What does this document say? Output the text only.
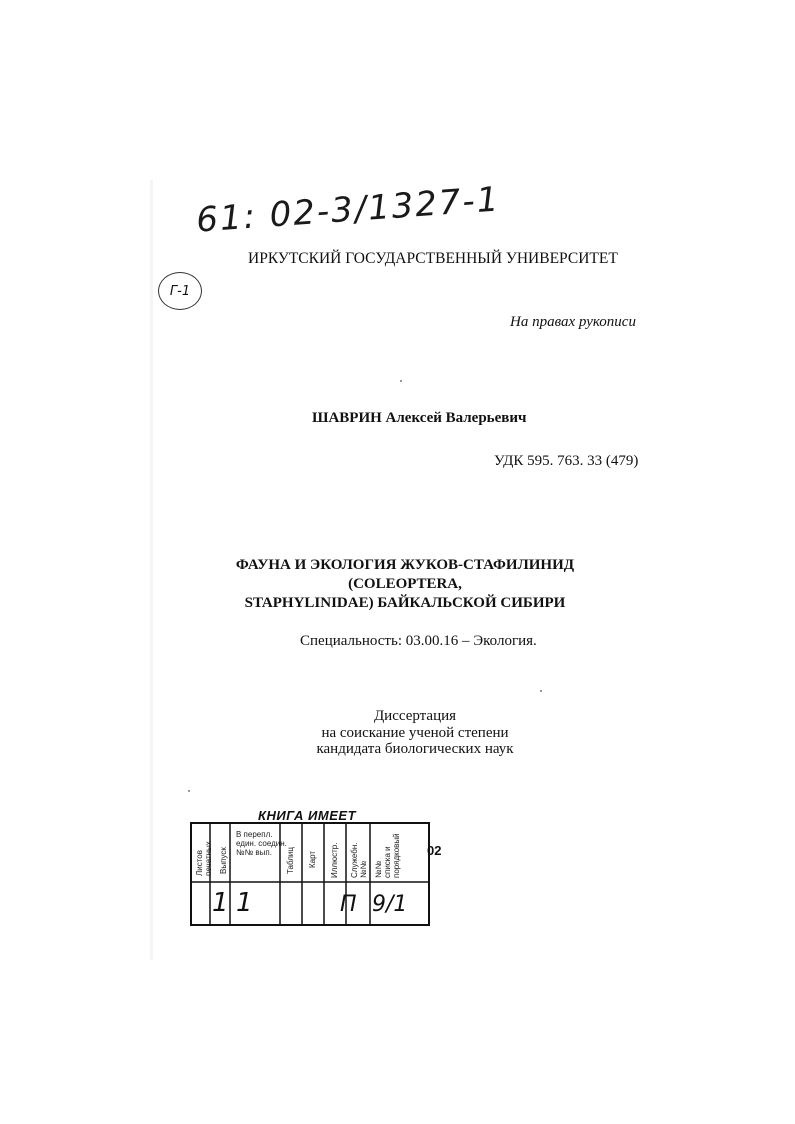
61: 02-3/1327-1
Г-1
ИРКУТСКИЙ ГОСУДАРСТВЕННЫЙ УНИВЕРСИТЕТ
На правах рукописи
ШАВРИН Алексей Валерьевич
УДК 595. 763. 33 (479)
ФАУНА И ЭКОЛОГИЯ ЖУКОВ-СТАФИЛИНИД (COLEOPTERA,
STAPHYLINIDAE) БАЙКАЛЬСКОЙ СИБИРИ
Специальность: 03.00.16 – Экология.
Диссертация
на соискание ученой степени
кандидата биологических наук
КНИГА ИМЕЕТ
Листов
печатных Выпуск
В перепл.
един. соедин.
№№ вып.	Таблиц Карт Иллюстр. Служебн.
№№ №№
списка и
порядковый
1 1	П 9/1
02
